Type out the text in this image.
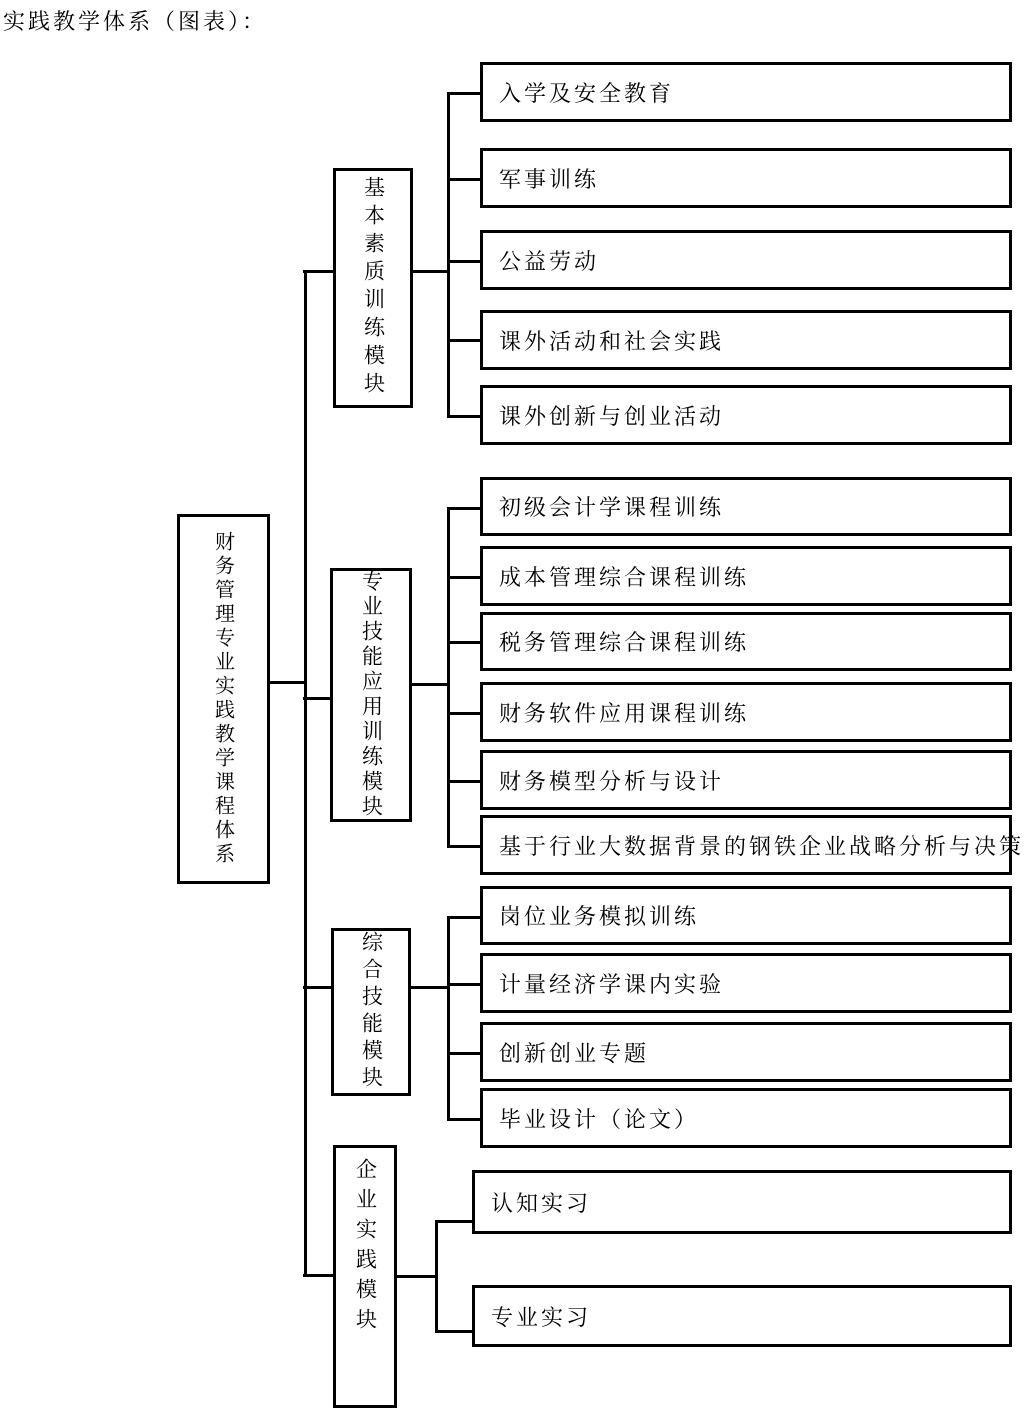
实践教学体系（图表）：
财务管理专业实践教学课程体系
基本素质训练模块
专业技能应用训练模块
综合技能模块
企业实践模块
入学及安全教育
军事训练
公益劳动
课外活动和社会实践
课外创新与创业活动
初级会计学课程训练
成本管理综合课程训练
税务管理综合课程训练
财务软件应用课程训练
财务模型分析与设计
基于行业大数据背景的钢铁企业战略分析与决策
岗位业务模拟训练
计量经济学课内实验
创新创业专题
毕业设计（论文）
认知实习
专业实习
